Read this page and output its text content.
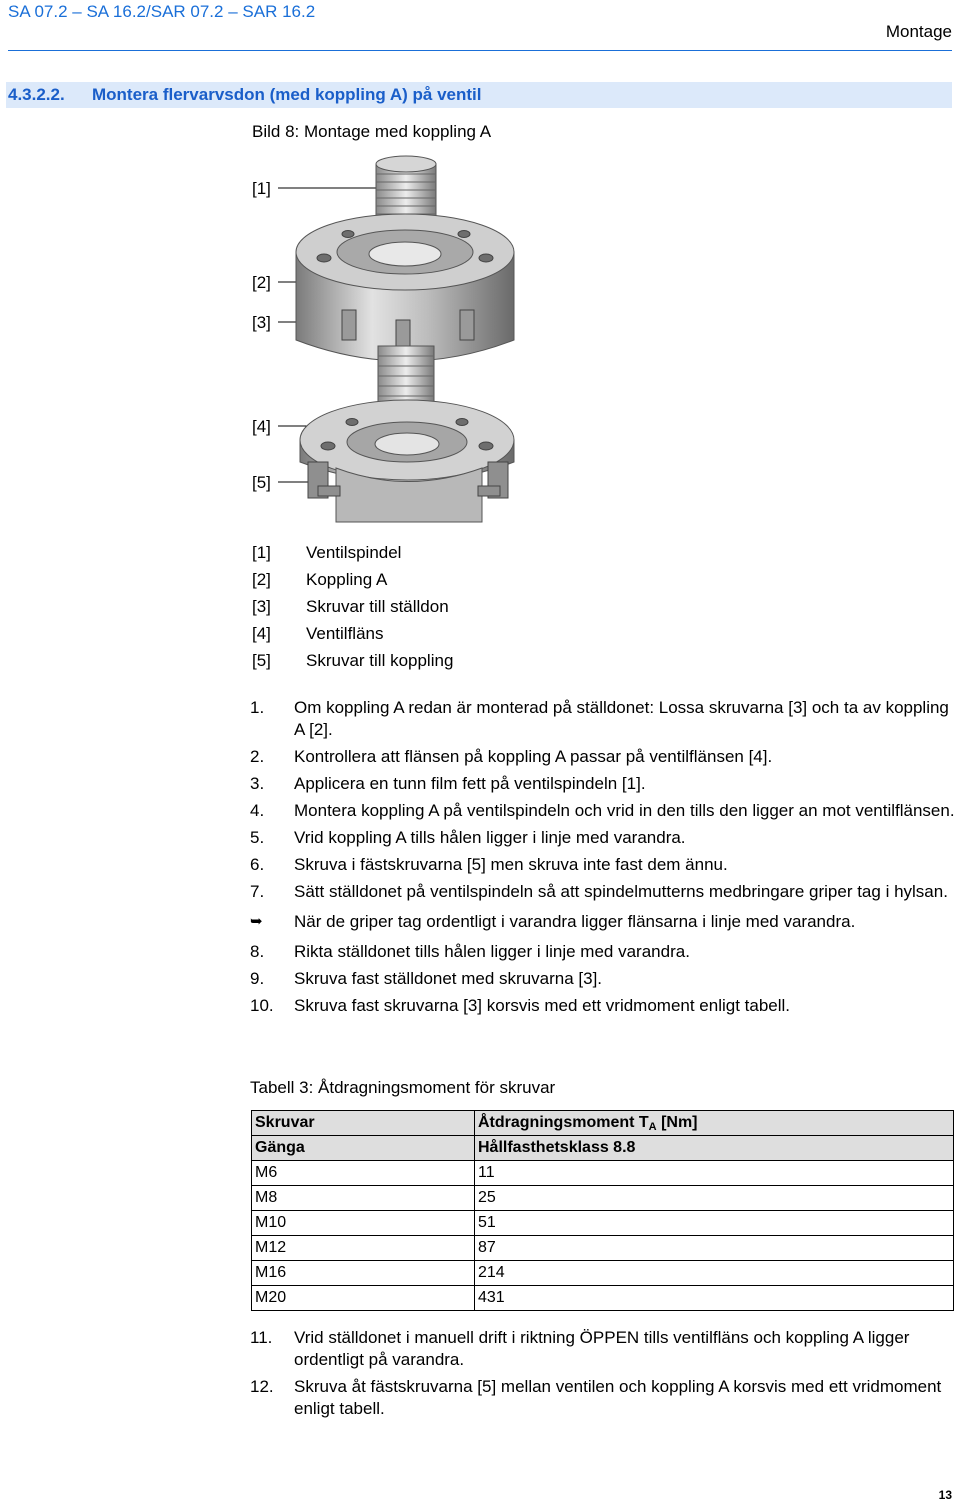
SA 07.2 – SA 16.2/SAR 07.2 – SAR 16.2
Montage
4.3.2.2.	Montera flervarvsdon (med koppling A) på ventil
Bild 8: Montage med koppling A
[1]
[2]
[3]
[4]
[5]
[1]	Ventilspindel
[2]	Koppling A
[3]	Skruvar till ställdon
[4]	Ventilfläns
[5]	Skruvar till koppling
1.	Om koppling A redan är monterad på ställdonet: Lossa skruvarna [3] och ta av koppling A [2].
2.	Kontrollera att flänsen på koppling A passar på ventilflänsen [4].
3.	Applicera en tunn film fett på ventilspindeln [1].
4.	Montera koppling A på ventilspindeln och vrid in den tills den ligger an mot ventilflänsen.
5.	Vrid koppling A tills hålen ligger i linje med varandra.
6.	Skruva i fästskruvarna [5] men skruva inte fast dem ännu.
7.	Sätt ställdonet på ventilspindeln så att spindelmutterns medbringare griper tag i hylsan.
➥	När de griper tag ordentligt i varandra ligger flänsarna i linje med varandra.
8.	Rikta ställdonet tills hålen ligger i linje med varandra.
9.	Skruva fast ställdonet med skruvarna [3].
10.	Skruva fast skruvarna [3] korsvis med ett vridmoment enligt tabell.
Tabell 3: Åtdragningsmoment för skruvar
Skruvar	Åtdragningsmoment $T_A$ [Nm]
Gänga	Hållfasthetsklass 8.8
M6	11
M8	25
M10	51
M12	87
M16	214
M20	431
11.	Vrid ställdonet i manuell drift i riktning ÖPPEN tills ventilfläns och koppling A ligger ordentligt på varandra.
12.	Skruva åt fästskruvarna [5] mellan ventilen och koppling A korsvis med ett vridmoment enligt tabell.
13
